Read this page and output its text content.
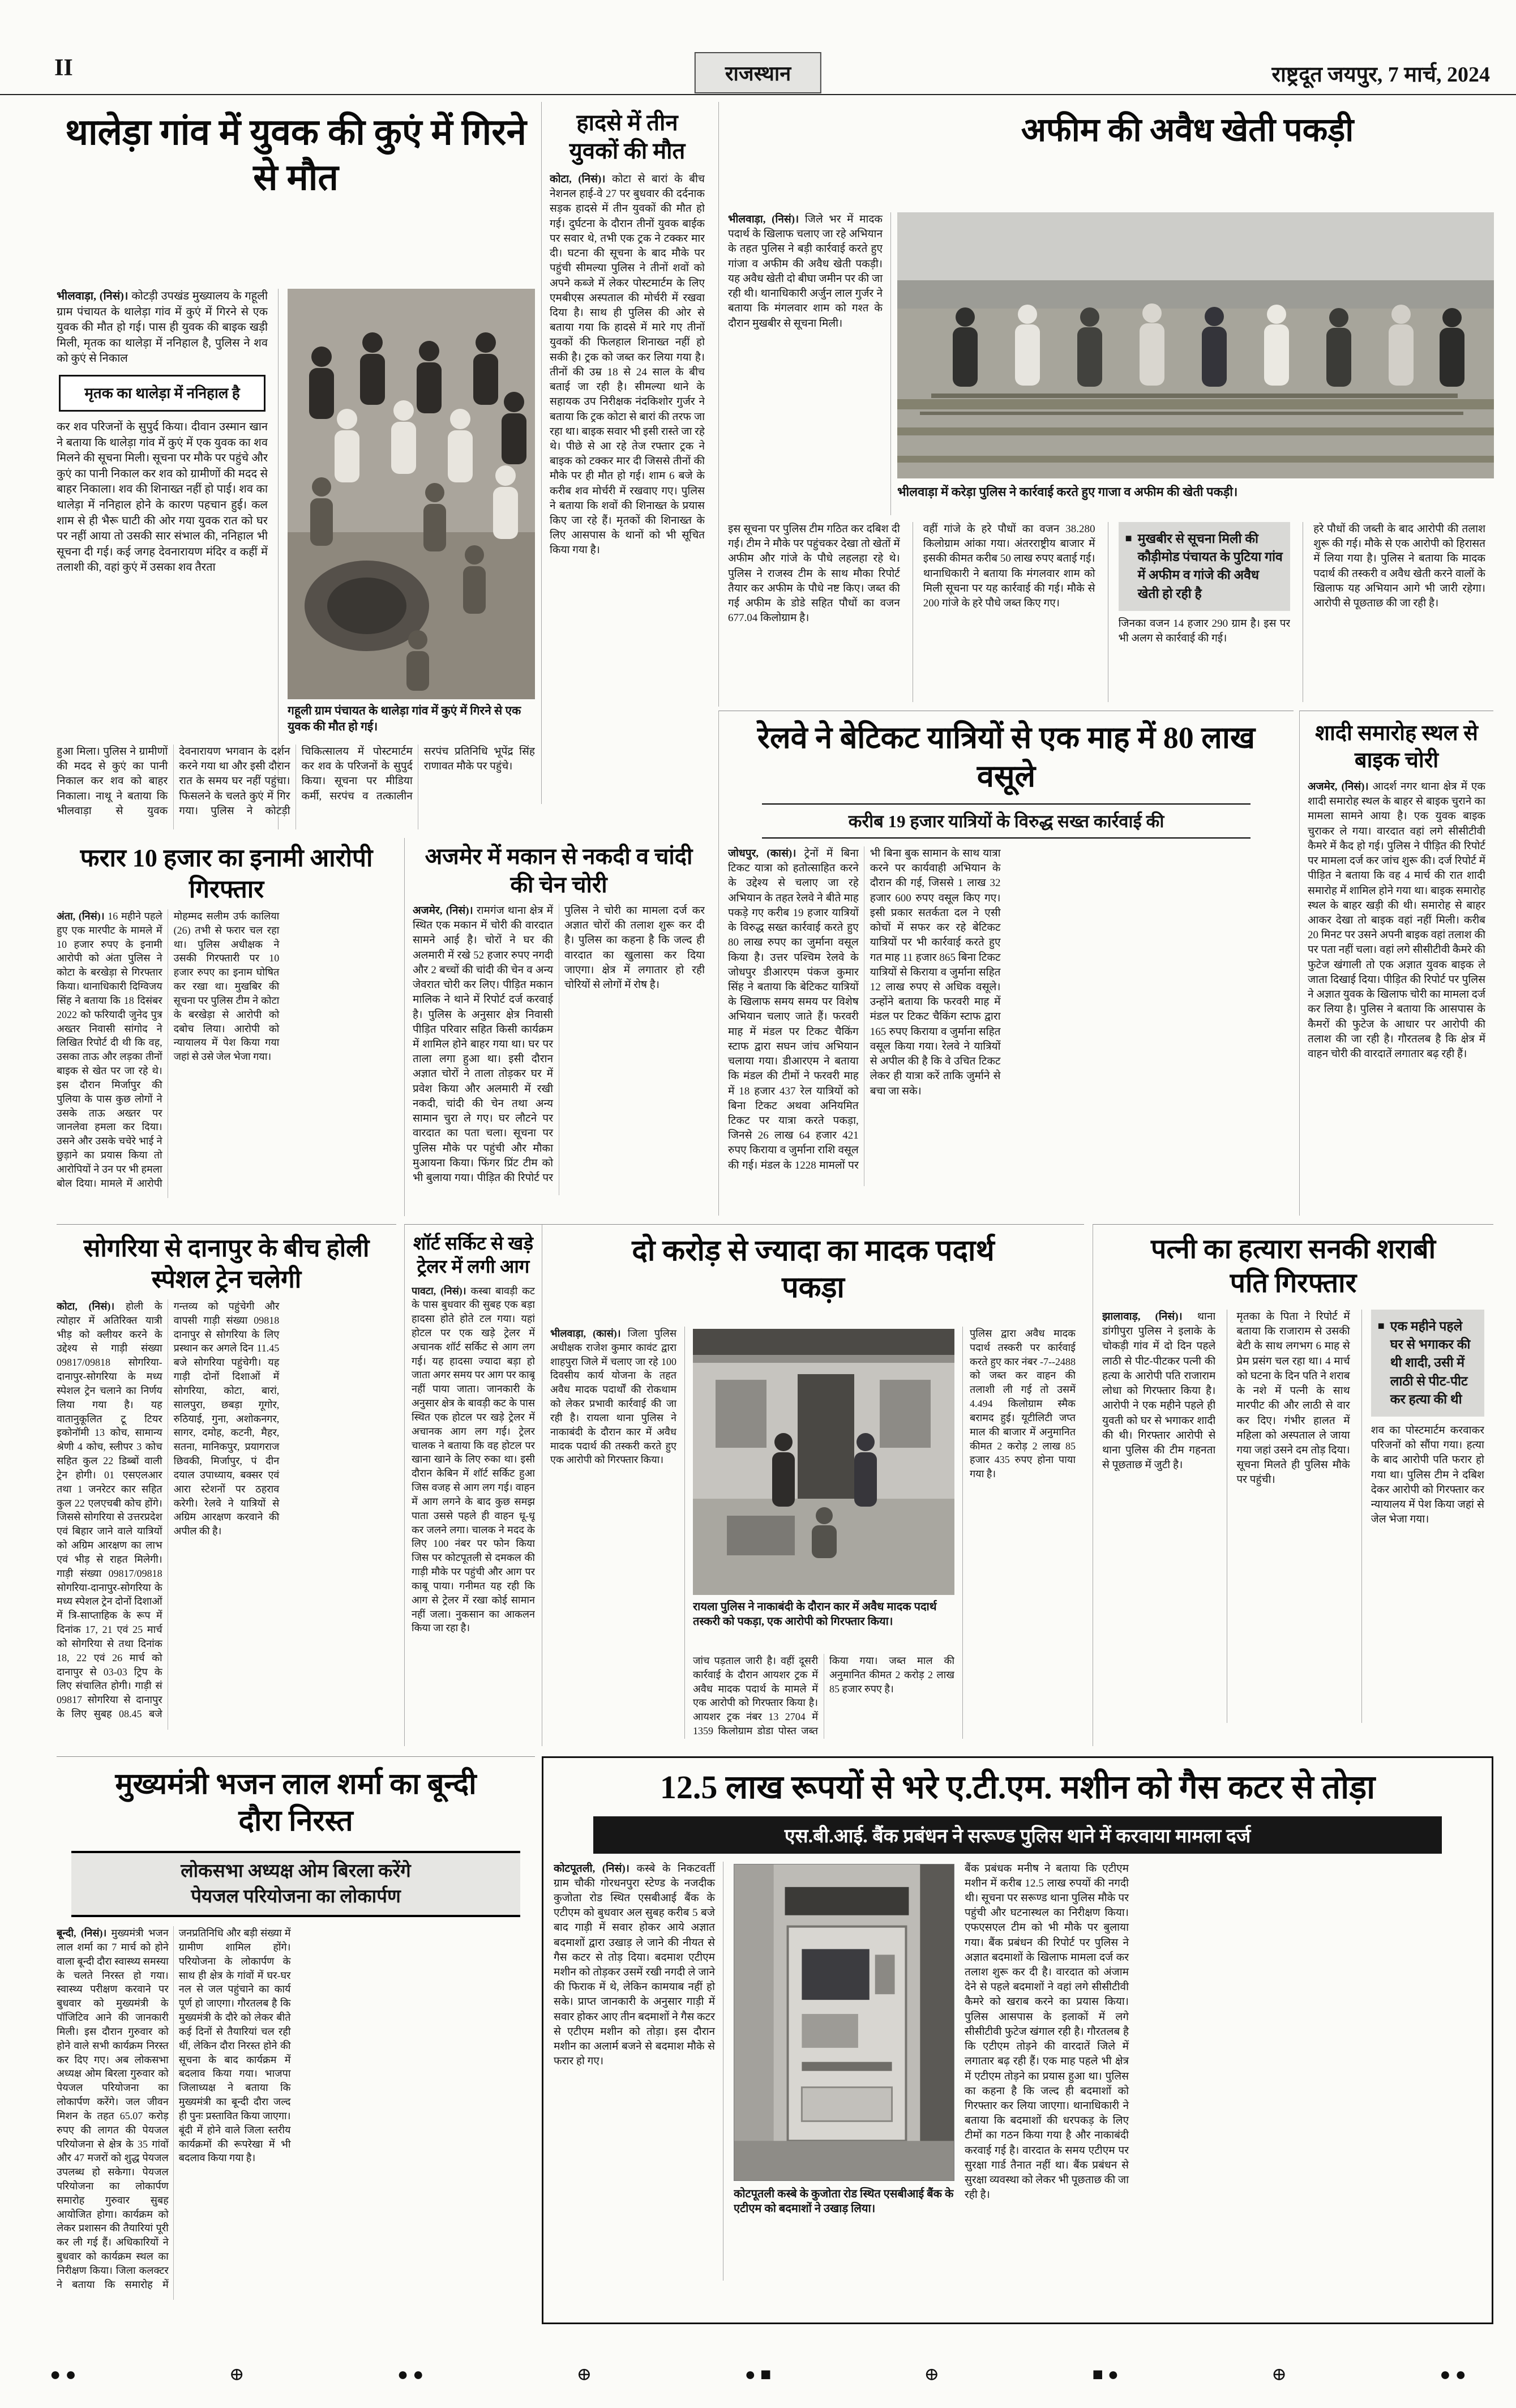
II	राजस्थान	राष्ट्रदूत जयपुर, 7 मार्च, 2024
थालेड़ा गांव में युवक की कुएं में गिरने से मौत
भीलवाड़ा, (निसं)। कोटड़ी उपखंड मुख्यालय के गहूली ग्राम पंचायत के थालेड़ा गांव में कुएं में गिरने से एक युवक की मौत हो गई। पास ही युवक की बाइक खड़ी मिली, मृतक का थालेड़ा में ननिहाल है, पुलिस ने शव को कुएं से निकाल
मृतक का थालेड़ा में ननिहाल है
कर शव परिजनों के सुपुर्द किया। दीवान उस्मान खान ने बताया कि थालेड़ा गांव में कुएं में एक युवक का शव मिलने की सूचना मिली। सूचना पर मौके पर पहुंचे और कुएं का पानी निकाल कर शव को ग्रामीणों की मदद से बाहर निकाला। शव की शिनाख्त नहीं हो पाई। शव का थालेड़ा में ननिहाल होने के कारण पहचान हुई। कल शाम से ही भैरू घाटी की ओर गया युवक रात को घर पर नहीं आया तो उसकी सार संभाल की, ननिहाल भी सूचना दी गई। कई जगह देवनारायण मंदिर व कहीं में तलाशी की, वहां कुएं में उसका शव तैरता
गहूली ग्राम पंचायत के थालेड़ा गांव में कुएं में गिरने से एक युवक की मौत हो गई।
हुआ मिला। पुलिस ने ग्रामीणों की मदद से कुएं का पानी निकाल कर शव को बाहर निकाला। नाथू ने बताया कि भीलवाड़ा से युवक देवनारायण भगवान के दर्शन करने गया था और इसी दौरान रात के समय घर नहीं पहुंचा। फिसलने के चलते कुएं में गिर गया। पुलिस ने कोटड़ी चिकित्सालय में पोस्टमार्टम कर शव के परिजनों के सुपुर्द किया। सूचना पर मीडिया कर्मी, सरपंच व तत्कालीन सरपंच प्रतिनिधि भूपेंद्र सिंह राणावत मौके पर पहुंचे।
हादसे में तीन युवकों की मौत
कोटा, (निसं)। कोटा से बारां के बीच नेशनल हाई-वे 27 पर बुधवार की दर्दनाक सड़क हादसे में तीन युवकों की मौत हो गई। दुर्घटना के दौरान तीनों युवक बाईक पर सवार थे, तभी एक ट्रक ने टक्कर मार दी। घटना की सूचना के बाद मौके पर पहुंची सीमल्या पुलिस ने तीनों शवों को अपने कब्जे में लेकर पोस्टमार्टम के लिए एमबीएस अस्पताल की मोर्चरी में रखवा दिया है। साथ ही पुलिस की ओर से बताया गया कि हादसे में मारे गए तीनों युवकों की फिलहाल शिनाख्त नहीं हो सकी है। ट्रक को जब्त कर लिया गया है। तीनों की उम्र 18 से 24 साल के बीच बताई जा रही है। सीमल्या थाने के सहायक उप निरीक्षक नंदकिशोर गुर्जर ने बताया कि ट्रक कोटा से बारां की तरफ जा रहा था। बाइक सवार भी इसी रास्ते जा रहे थे। पीछे से आ रहे तेज रफ्तार ट्रक ने बाइक को टक्कर मार दी जिससे तीनों की मौके पर ही मौत हो गई। शाम 6 बजे के करीब शव मोर्चरी में रखवाए गए। पुलिस ने बताया कि शवों की शिनाख्त के प्रयास किए जा रहे हैं। मृतकों की शिनाख्त के लिए आसपास के थानों को भी सूचित किया गया है।
अफीम की अवैध खेती पकड़ी
भीलवाड़ा, (निसं)। जिले भर में मादक पदार्थ के खिलाफ चलाए जा रहे अभियान के तहत पुलिस ने बड़ी कार्रवाई करते हुए गांजा व अफीम की अवैध खेती पकड़ी। यह अवैध खेती दो बीघा जमीन पर की जा रही थी। थानाधिकारी अर्जुन लाल गुर्जर ने बताया कि मंगलवार शाम को गश्त के दौरान मुखबीर से सूचना मिली।
भीलवाड़ा में करेड़ा पुलिस ने कार्रवाई करते हुए गाजा व अफीम की खेती पकड़ी।
इस सूचना पर पुलिस टीम गठित कर दबिश दी गई। टीम ने मौके पर पहुंचकर देखा तो खेतों में अफीम और गांजे के पौधे लहलहा रहे थे। पुलिस ने राजस्व टीम के साथ मौका रिपोर्ट तैयार कर अफीम के पौधे नष्ट किए। जब्त की गई अफीम के डोडे सहित पौधों का वजन 677.04 किलोग्राम है।
वहीं गांजे के हरे पौधों का वजन 38.280 किलोग्राम आंका गया। अंतरराष्ट्रीय बाजार में इसकी कीमत करीब 50 लाख रुपए बताई गई। थानाधिकारी ने बताया कि मंगलवार शाम को मिली सूचना पर यह कार्रवाई की गई। मौके से 200 गांजे के हरे पौधे जब्त किए गए।
■ मुखबीर से सूचना मिली की कौड़ीमोड पंचायत के पुटिया गांव में अफीम व गांजे की अवैध खेती हो रही है
जिनका वजन 14 हजार 290 ग्राम है। इस पर भी अलग से कार्रवाई की गई।
हरे पौधों की जब्ती के बाद आरोपी की तलाश शुरू की गई। मौके से एक आरोपी को हिरासत में लिया गया है। पुलिस ने बताया कि मादक पदार्थ की तस्करी व अवैध खेती करने वालों के खिलाफ यह अभियान आगे भी जारी रहेगा। आरोपी से पूछताछ की जा रही है।
रेलवे ने बेटिकट यात्रियों से एक माह में 80 लाख वसूले
करीब 19 हजार यात्रियों के विरुद्ध सख्त कार्रवाई की
जोधपुर, (कासं)। ट्रेनों में बिना टिकट यात्रा को हतोत्साहित करने के उद्देश्य से चलाए जा रहे अभियान के तहत रेलवे ने बीते माह पकड़े गए करीब 19 हजार यात्रियों के विरुद्ध सख्त कार्रवाई करते हुए 80 लाख रुपए का जुर्माना वसूल किया है। उत्तर पश्चिम रेलवे के जोधपुर डीआरएम पंकज कुमार सिंह ने बताया कि बेटिकट यात्रियों के खिलाफ समय समय पर विशेष अभियान चलाए जाते हैं। फरवरी माह में मंडल पर टिकट चैकिंग स्टाफ द्वारा सघन जांच अभियान चलाया गया। डीआरएम ने बताया कि मंडल की टीमों ने फरवरी माह में 18 हजार 437 रेल यात्रियों को बिना टिकट अथवा अनियमित टिकट पर यात्रा करते पकड़ा, जिनसे 26 लाख 64 हजार 421 रुपए किराया व जुर्माना राशि वसूल की गई। मंडल के 1228 मामलों पर भी बिना बुक सामान के साथ यात्रा करने पर कार्यवाही अभियान के दौरान की गई, जिससे 1 लाख 32 हजार 600 रुपए वसूल किए गए। इसी प्रकार सतर्कता दल ने एसी कोचों में सफर कर रहे बेटिकट यात्रियों पर भी कार्रवाई करते हुए गत माह 11 हजार 865 बिना टिकट यात्रियों से किराया व जुर्माना सहित 12 लाख रुपए से अधिक वसूले। उन्होंने बताया कि फरवरी माह में मंडल पर टिकट चैकिंग स्टाफ द्वारा 165 रुपए किराया व जुर्माना सहित वसूल किया गया। रेलवे ने यात्रियों से अपील की है कि वे उचित टिकट लेकर ही यात्रा करें ताकि जुर्माने से बचा जा सके।
शादी समारोह स्थल से बाइक चोरी
अजमेर, (निसं)। आदर्श नगर थाना क्षेत्र में एक शादी समारोह स्थल के बाहर से बाइक चुराने का मामला सामने आया है। एक युवक बाइक चुराकर ले गया। वारदात वहां लगे सीसीटीवी कैमरे में कैद हो गई। पुलिस ने पीड़ित की रिपोर्ट पर मामला दर्ज कर जांच शुरू की। दर्ज रिपोर्ट में पीड़ित ने बताया कि वह 4 मार्च की रात शादी समारोह में शामिल होने गया था। बाइक समारोह स्थल के बाहर खड़ी की थी। समारोह से बाहर आकर देखा तो बाइक वहां नहीं मिली। करीब 20 मिनट पर उसने अपनी बाइक वहां तलाश की पर पता नहीं चला। वहां लगे सीसीटीवी कैमरे की फुटेज खंगाली तो एक अज्ञात युवक बाइक ले जाता दिखाई दिया। पीड़ित की रिपोर्ट पर पुलिस ने अज्ञात युवक के खिलाफ चोरी का मामला दर्ज कर लिया है। पुलिस ने बताया कि आसपास के कैमरों की फुटेज के आधार पर आरोपी की तलाश की जा रही है। गौरतलब है कि क्षेत्र में वाहन चोरी की वारदातें लगातार बढ़ रही हैं।
फरार 10 हजार का इनामी आरोपी गिरफ्तार
अंता, (निसं)। 16 महीने पहले हुए एक मारपीट के मामले में 10 हजार रुपए के इनामी आरोपी को अंता पुलिस ने कोटा के बरखेड़ा से गिरफ्तार किया। थानाधिकारी दिग्विजय सिंह ने बताया कि 18 दिसंबर 2022 को फरियादी जुनेद पुत्र अख्तर निवासी सांगोद ने लिखित रिपोर्ट दी थी कि वह, उसका ताऊ और लड़का तीनों बाइक से खेत पर जा रहे थे। इस दौरान मिर्जापुर की पुलिया के पास कुछ लोगों ने उसके ताऊ अख्तर पर जानलेवा हमला कर दिया। उसने और उसके चचेरे भाई ने छुड़ाने का प्रयास किया तो आरोपियों ने उन पर भी हमला बोल दिया। मामले में आरोपी मोहम्मद सलीम उर्फ कालिया (26) तभी से फरार चल रहा था। पुलिस अधीक्षक ने उसकी गिरफ्तारी पर 10 हजार रुपए का इनाम घोषित कर रखा था। मुखबिर की सूचना पर पुलिस टीम ने कोटा के बरखेड़ा से आरोपी को दबोच लिया। आरोपी को न्यायालय में पेश किया गया जहां से उसे जेल भेजा गया।
अजमेर में मकान से नकदी व चांदी की चेन चोरी
अजमेर, (निसं)। रामगंज थाना क्षेत्र में स्थित एक मकान में चोरी की वारदात सामने आई है। चोरों ने घर की अलमारी में रखे 52 हजार रुपए नगदी और 2 बच्चों की चांदी की चेन व अन्य जेवरात चोरी कर लिए। पीड़ित मकान मालिक ने थाने में रिपोर्ट दर्ज करवाई है। पुलिस के अनुसार क्षेत्र निवासी पीड़ित परिवार सहित किसी कार्यक्रम में शामिल होने बाहर गया था। घर पर ताला लगा हुआ था। इसी दौरान अज्ञात चोरों ने ताला तोड़कर घर में प्रवेश किया और अलमारी में रखी नकदी, चांदी की चेन तथा अन्य सामान चुरा ले गए। घर लौटने पर वारदात का पता चला। सूचना पर पुलिस मौके पर पहुंची और मौका मुआयना किया। फिंगर प्रिंट टीम को भी बुलाया गया। पीड़ित की रिपोर्ट पर पुलिस ने चोरी का मामला दर्ज कर अज्ञात चोरों की तलाश शुरू कर दी है। पुलिस का कहना है कि जल्द ही वारदात का खुलासा कर दिया जाएगा। क्षेत्र में लगातार हो रही चोरियों से लोगों में रोष है।
सोगरिया से दानापुर के बीच होली स्पेशल ट्रेन चलेगी
कोटा, (निसं)। होली के त्योहार में अतिरिक्त यात्री भीड़ को क्लीयर करने के उद्देश्य से गाड़ी संख्या 09817/09818 सोगरिया-दानापुर-सोगरिया के मध्य स्पेशल ट्रेन चलाने का निर्णय लिया गया है। यह वातानुकूलित टू टियर इकोनॉमी 13 कोच, सामान्य श्रेणी 4 कोच, स्लीपर 3 कोच सहित कुल 22 डिब्बों वाली ट्रेन होगी। 01 एसएलआर तथा 1 जनरेटर कार सहित कुल 22 एलएचबी कोच होंगे। जिससे सोगरिया से उत्तरप्रदेश एवं बिहार जाने वाले यात्रियों को अग्रिम आरक्षण का लाभ एवं भीड़ से राहत मिलेगी। गाड़ी संख्या 09817/09818 सोगरिया-दानापुर-सोगरिया के मध्य स्पेशल ट्रेन दोनों दिशाओं में त्रि-साप्ताहिक के रूप में दिनांक 17, 21 एवं 25 मार्च को सोगरिया से तथा दिनांक 18, 22 एवं 26 मार्च को दानापुर से 03-03 ट्रिप के लिए संचालित होगी। गाड़ी सं 09817 सोगरिया से दानापुर के लिए सुबह 08.45 बजे गन्तव्य को पहुंचेगी और वापसी गाड़ी संख्या 09818 दानापुर से सोगरिया के लिए प्रस्थान कर अगले दिन 11.45 बजे सोगरिया पहुंचेगी। यह गाड़ी दोनों दिशाओं में सोगरिया, कोटा, बारां, सालपुरा, छबड़ा गूगोर, रुठियाई, गुना, अशोकनगर, सागर, दमोह, कटनी, मैहर, सतना, मानिकपुर, प्रयागराज छिवकी, मिर्जापुर, पं दीन दयाल उपाध्याय, बक्सर एवं आरा स्टेशनों पर ठहराव करेगी। रेलवे ने यात्रियों से अग्रिम आरक्षण करवाने की अपील की है।
शॉर्ट सर्किट से खड़े ट्रेलर में लगी आग
पावटा, (निसं)। कस्बा बावड़ी कट के पास बुधवार की सुबह एक बड़ा हादसा होते होते टल गया। यहां होटल पर एक खड़े ट्रेलर में अचानक शॉर्ट सर्किट से आग लग गई। यह हादसा ज्यादा बड़ा हो जाता अगर समय पर आग पर काबू नहीं पाया जाता। जानकारी के अनुसार क्षेत्र के बावड़ी कट के पास स्थित एक होटल पर खड़े ट्रेलर में अचानक आग लग गई। ट्रेलर चालक ने बताया कि वह होटल पर खाना खाने के लिए रुका था। इसी दौरान केबिन में शॉर्ट सर्किट हुआ जिस वजह से आग लग गई। वाहन में आग लगने के बाद कुछ समझ पाता उससे पहले ही वाहन धू-धू कर जलने लगा। चालक ने मदद के लिए 100 नंबर पर फोन किया जिस पर कोटपूतली से दमकल की गाड़ी मौके पर पहुंची और आग पर काबू पाया। गनीमत यह रही कि आग से ट्रेलर में रखा कोई सामान नहीं जला। नुकसान का आकलन किया जा रहा है।
दो करोड़ से ज्यादा का मादक पदार्थ पकड़ा
भीलवाड़ा, (कासं)। जिला पुलिस अधीक्षक राजेश कुमार कावंट द्वारा शाहपुरा जिले में चलाए जा रहे 100 दिवसीय कार्य योजना के तहत अवैध मादक पदार्थों की रोकथाम को लेकर प्रभावी कार्रवाई की जा रही है। रायला थाना पुलिस ने नाकाबंदी के दौरान कार में अवैध मादक पदार्थ की तस्करी करते हुए एक आरोपी को गिरफ्तार किया।
रायला पुलिस ने नाकाबंदी के दौरान कार में अवैध मादक पदार्थ तस्करी को पकड़ा, एक आरोपी को गिरफ्तार किया।
पुलिस द्वारा अवैध मादक पदार्थ तस्करी पर कार्रवाई करते हुए कार नंबर -7--2488 को जब्त कर वाहन की तलाशी ली गई तो उसमें 4.494 किलोग्राम स्मैक बरामद हुई। यूटीलिटी जप्त माल की बाजार में अनुमानित कीमत 2 करोड़ 2 लाख 85 हजार 435 रुपए होना पाया गया है।
जांच पड़ताल जारी है। वहीं दूसरी कार्रवाई के दौरान आयशर ट्रक में अवैध मादक पदार्थ के मामले में एक आरोपी को गिरफ्तार किया है। आयशर ट्रक नंबर 13 2704 में 1359 किलोग्राम डोडा पोस्त जब्त किया गया। जब्त माल की अनुमानित कीमत 2 करोड़ 2 लाख 85 हजार रुपए है।
पत्नी का हत्यारा सनकी शराबी पति गिरफ्तार
झालावाड़, (निसं)। थाना डांगीपुरा पुलिस ने इलाके के चोकड़ी गांव में दो दिन पहले लाठी से पीट-पीटकर पत्नी की हत्या के आरोपी पति राजाराम लोधा को गिरफ्तार किया है। आरोपी ने एक महीने पहले ही युवती को घर से भगाकर शादी की थी। गिरफ्तार आरोपी से थाना पुलिस की टीम गहनता से पूछताछ में जुटी है।
मृतका के पिता ने रिपोर्ट में बताया कि राजाराम से उसकी बेटी के साथ लगभग 6 माह से प्रेम प्रसंग चल रहा था। 4 मार्च को घटना के दिन पति ने शराब के नशे में पत्नी के साथ मारपीट की और लाठी से वार कर दिए। गंभीर हालत में महिला को अस्पताल ले जाया गया जहां उसने दम तोड़ दिया। सूचना मिलते ही पुलिस मौके पर पहुंची।
■ एक महीने पहले घर से भगाकर की थी शादी, उसी में लाठी से पीट-पीट कर हत्या की थी
शव का पोस्टमार्टम करवाकर परिजनों को सौंपा गया। हत्या के बाद आरोपी पति फरार हो गया था। पुलिस टीम ने दबिश देकर आरोपी को गिरफ्तार कर न्यायालय में पेश किया जहां से जेल भेजा गया।
मुख्यमंत्री भजन लाल शर्मा का बून्दी दौरा निरस्त
लोकसभा अध्यक्ष ओम बिरला करेंगे
पेयजल परियोजना का लोकार्पण
बून्दी, (निसं)। मुख्यमंत्री भजन लाल शर्मा का 7 मार्च को होने वाला बून्दी दौरा स्वास्थ्य समस्या के चलते निरस्त हो गया। स्वास्थ्य परीक्षण करवाने पर बुधवार को मुख्यमंत्री के पॉजिटिव आने की जानकारी मिली। इस दौरान गुरुवार को होने वाले सभी कार्यक्रम निरस्त कर दिए गए। अब लोकसभा अध्यक्ष ओम बिरला गुरुवार को पेयजल परियोजना का लोकार्पण करेंगे। जल जीवन मिशन के तहत 65.07 करोड़ रुपए की लागत की पेयजल परियोजना से क्षेत्र के 35 गांवों और 47 मजरों को शुद्ध पेयजल उपलब्ध हो सकेगा। पेयजल परियोजना का लोकार्पण समारोह गुरुवार सुबह आयोजित होगा। कार्यक्रम को लेकर प्रशासन की तैयारियां पूरी कर ली गई हैं। अधिकारियों ने बुधवार को कार्यक्रम स्थल का निरीक्षण किया। जिला कलक्टर ने बताया कि समारोह में जनप्रतिनिधि और बड़ी संख्या में ग्रामीण शामिल होंगे। परियोजना के लोकार्पण के साथ ही क्षेत्र के गांवों में घर-घर नल से जल पहुंचाने का कार्य पूर्ण हो जाएगा। गौरतलब है कि मुख्यमंत्री के दौरे को लेकर बीते कई दिनों से तैयारियां चल रही थीं, लेकिन दौरा निरस्त होने की सूचना के बाद कार्यक्रम में बदलाव किया गया। भाजपा जिलाध्यक्ष ने बताया कि मुख्यमंत्री का बून्दी दौरा जल्द ही पुनः प्रस्तावित किया जाएगा। बूंदी में होने वाले जिला स्तरीय कार्यक्रमों की रूपरेखा में भी बदलाव किया गया है।
12.5 लाख रूपयों से भरे ए.टी.एम. मशीन को गैस कटर से तोड़ा
एस.बी.आई. बैंक प्रबंधन ने सरूण्ड पुलिस थाने में करवाया मामला दर्ज
कोटपूतली, (निसं)। कस्बे के निकटवर्ती ग्राम चौकी गोरधनपुरा स्टेण्ड के नजदीक कुजोता रोड स्थित एसबीआई बैंक के एटीएम को बुधवार अल सुबह करीब 5 बजे बाद गाड़ी में सवार होकर आये अज्ञात बदमाशों द्वारा उखाड़ ले जाने की नीयत से गैस कटर से तोड़ दिया। बदमाश एटीएम मशीन को तोड़कर उसमें रखी नगदी ले जाने की फिराक में थे, लेकिन कामयाब नहीं हो सके। प्राप्त जानकारी के अनुसार गाड़ी में सवार होकर आए तीन बदमाशों ने गैस कटर से एटीएम मशीन को तोड़ा। इस दौरान मशीन का अलार्म बजने से बदमाश मौके से फरार हो गए।
कोटपूतली कस्बे के कुजोता रोड स्थित एसबीआई बैंक के एटीएम को बदमाशों ने उखाड़ लिया।
बैंक प्रबंधक मनीष ने बताया कि एटीएम मशीन में करीब 12.5 लाख रुपयों की नगदी थी। सूचना पर सरूण्ड थाना पुलिस मौके पर पहुंची और घटनास्थल का निरीक्षण किया। एफएसएल टीम को भी मौके पर बुलाया गया। बैंक प्रबंधन की रिपोर्ट पर पुलिस ने अज्ञात बदमाशों के खिलाफ मामला दर्ज कर तलाश शुरू कर दी है। वारदात को अंजाम देने से पहले बदमाशों ने वहां लगे सीसीटीवी कैमरे को खराब करने का प्रयास किया। पुलिस आसपास के इलाकों में लगे सीसीटीवी फुटेज खंगाल रही है। गौरतलब है कि एटीएम तोड़ने की वारदातें जिले में लगातार बढ़ रही हैं। एक माह पहले भी क्षेत्र में एटीएम तोड़ने का प्रयास हुआ था। पुलिस का कहना है कि जल्द ही बदमाशों को गिरफ्तार कर लिया जाएगा। थानाधिकारी ने बताया कि बदमाशों की धरपकड़ के लिए टीमों का गठन किया गया है और नाकाबंदी करवाई गई है। वारदात के समय एटीएम पर सुरक्षा गार्ड तैनात नहीं था। बैंक प्रबंधन से सुरक्षा व्यवस्था को लेकर भी पूछताछ की जा रही है।
● ●	⊕	● ●	⊕	● ■	⊕	■ ●	⊕	● ●
